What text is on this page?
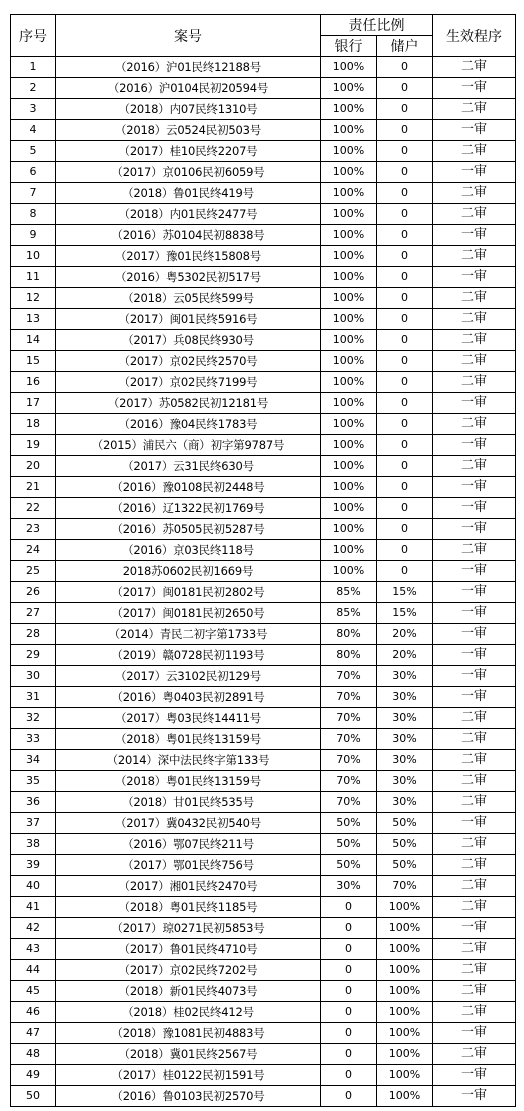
序号	案号	责任比例		生效程序
		银行	储户	
1	（2016）沪01民终12188号	100%	0	二审
2	（2016）沪0104民初20594号	100%	0	一审
3	（2018）内07民终1310号	100%	0	二审
4	（2018）云0524民初503号	100%	0	一审
5	（2017）桂10民终2207号	100%	0	二审
6	（2017）京0106民初6059号	100%	0	一审
7	（2018）鲁01民终419号	100%	0	二审
8	（2018）内01民终2477号	100%	0	二审
9	（2016）苏0104民初8838号	100%	0	一审
10	（2017）豫01民终15808号	100%	0	二审
11	（2016）粤5302民初517号	100%	0	一审
12	（2018）云05民终599号	100%	0	二审
13	（2017）闽01民终5916号	100%	0	二审
14	（2017）兵08民终930号	100%	0	二审
15	（2017）京02民终2570号	100%	0	二审
16	（2017）京02民终7199号	100%	0	二审
17	（2017）苏0582民初12181号	100%	0	一审
18	（2016）豫04民终1783号	100%	0	二审
19	（2015）浦民六（商）初字第9787号	100%	0	一审
20	（2017）云31民终630号	100%	0	二审
21	（2016）豫0108民初2448号	100%	0	一审
22	（2016）辽1322民初1769号	100%	0	一审
23	（2016）苏0505民初5287号	100%	0	一审
24	（2016）京03民终118号	100%	0	二审
25	2018苏0602民初1669号	100%	0	一审
26	（2017）闽0181民初2802号	85%	15%	一审
27	（2017）闽0181民初2650号	85%	15%	一审
28	（2014）青民二初字第1733号	80%	20%	一审
29	（2019）赣0728民初1193号	80%	20%	一审
30	（2017）云3102民初129号	70%	30%	一审
31	（2016）粤0403民初2891号	70%	30%	一审
32	（2017）粤03民终14411号	70%	30%	二审
33	（2018）粤01民终13159号	70%	30%	二审
34	（2014）深中法民终字第133号	70%	30%	二审
35	（2018）粤01民终13159号	70%	30%	二审
36	（2018）甘01民终535号	70%	30%	二审
37	（2017）冀0432民初540号	50%	50%	一审
38	（2016）鄂07民终211号	50%	50%	二审
39	（2017）鄂01民终756号	50%	50%	二审
40	（2017）湘01民终2470号	30%	70%	二审
41	（2018）粤01民终1185号	0	100%	二审
42	（2017）琼0271民初5853号	0	100%	一审
43	（2017）鲁01民终4710号	0	100%	二审
44	（2017）京02民终7202号	0	100%	二审
45	（2018）新01民终4073号	0	100%	二审
46	（2018）桂02民终412号	0	100%	二审
47	（2018）豫1081民初4883号	0	100%	一审
48	（2018）冀01民终2567号	0	100%	二审
49	（2017）桂0122民初1591号	0	100%	一审
50	（2016）鲁0103民初2570号	0	100%	一审
